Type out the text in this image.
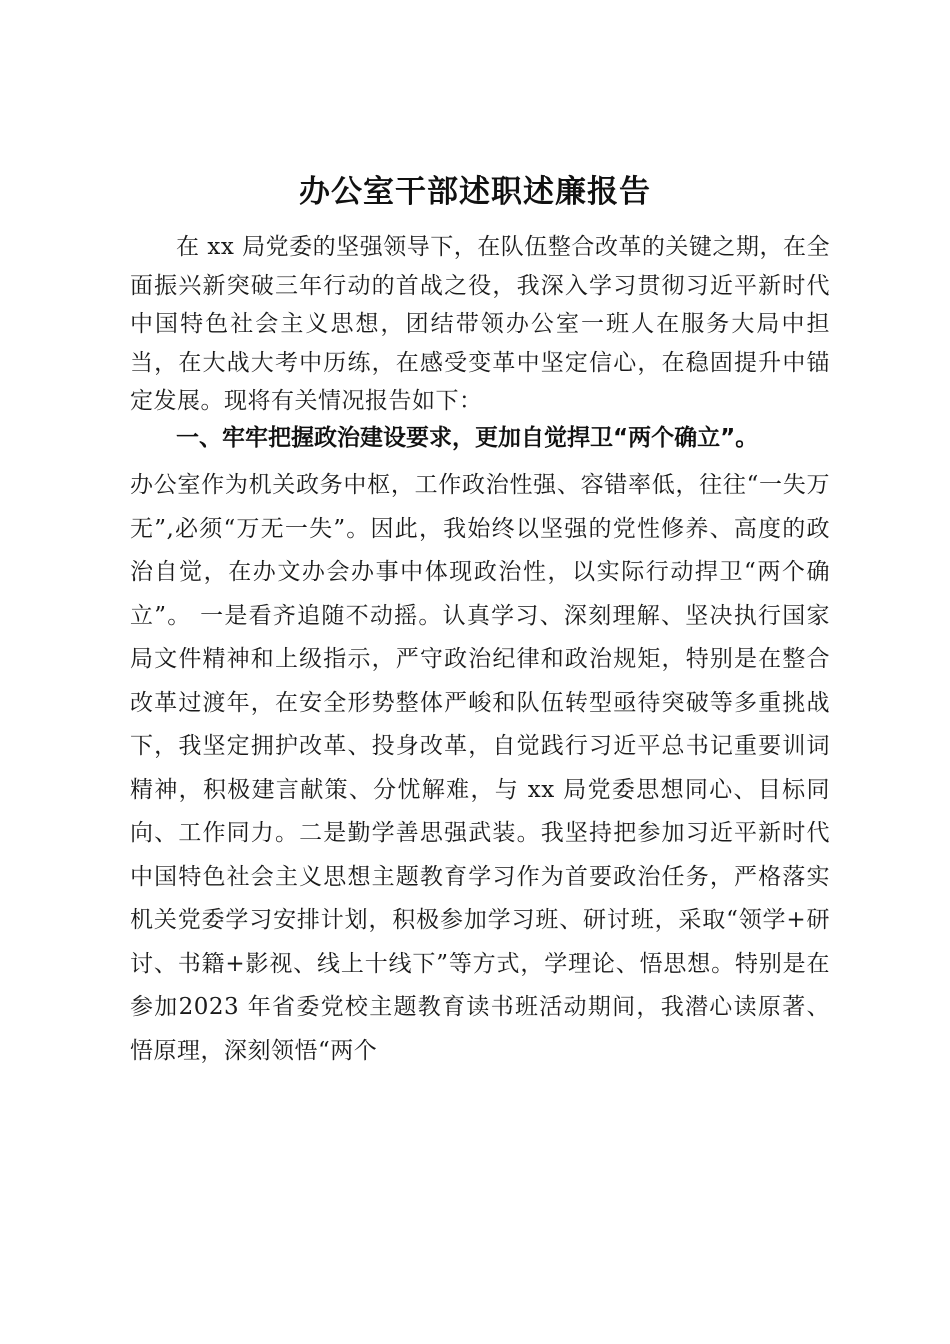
办公室干部述职述廉报告
在 xx 局党委的坚强领导下，在队伍整合改革的关键之期，在全面振兴新突破三年行动的首战之役，我深入学习贯彻习近平新时代中国特色社会主义思想，团结带领办公室一班人在服务大局中担当，在大战大考中历练，在感受变革中坚定信心，在稳固提升中锚定发展。现将有关情况报告如下：
一、牢牢把握政治建设要求，更加自觉捍卫“两个确立”。
办公室作为机关政务中枢，工作政治性强、容错率低，往往“一失万无”,必须“万无一失”。因此，我始终以坚强的党性修养、高度的政治自觉，在办文办会办事中体现政治性，以实际行动捍卫“两个确立”。 一是看齐追随不动摇。认真学习、深刻理解、坚决执行国家局文件精神和上级指示，严守政治纪律和政治规矩，特别是在整合改革过渡年，在安全形势整体严峻和队伍转型亟待突破等多重挑战下，我坚定拥护改革、投身改革，自觉践行习近平总书记重要训词精神，积极建言献策、分忧解难，与 xx 局党委思想同心、目标同向、工作同力。二是勤学善思强武装。我坚持把参加习近平新时代中国特色社会主义思想主题教育学习作为首要政治任务，严格落实机关党委学习安排计划，积极参加学习班、研讨班，采取“领学+研讨、书籍+影视、线上十线下”等方式，学理论、悟思想。特别是在参加2023 年省委党校主题教育读书班活动期间，我潜心读原著、悟原理，深刻领悟“两个
